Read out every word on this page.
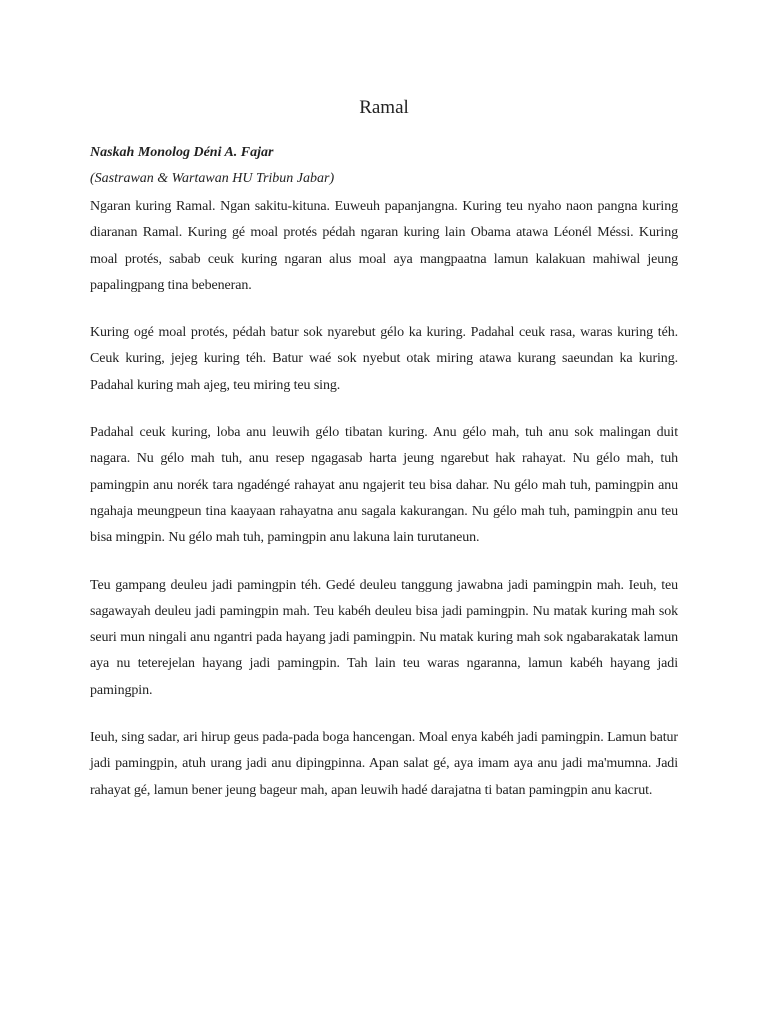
Ramal

Naskah Monolog Déni A. Fajar

(Sastrawan & Wartawan HU Tribun Jabar)

Ngaran kuring Ramal. Ngan sakitu-kituna. Euweuh papanjangna. Kuring teu nyaho naon pangna kuring diaranan Ramal. Kuring gé moal protés pédah ngaran kuring lain Obama atawa Léonél Méssi. Kuring moal protés, sabab ceuk kuring ngaran alus moal aya mangpaatna lamun kalakuan mahiwal jeung papalingpang tina bebeneran.

Kuring ogé moal protés, pédah batur sok nyarebut gélo ka kuring. Padahal ceuk rasa, waras kuring téh. Ceuk kuring, jejeg kuring téh. Batur waé sok nyebut otak miring atawa kurang saeundan ka kuring. Padahal kuring mah ajeg, teu miring teu sing.

Padahal ceuk kuring, loba anu leuwih gélo tibatan kuring. Anu gélo mah, tuh anu sok malingan duit nagara. Nu gélo mah tuh, anu resep ngagasab harta jeung ngarebut hak rahayat. Nu gélo mah, tuh pamingpin anu norék tara ngadéngé rahayat anu ngajerit teu bisa dahar. Nu gélo mah tuh, pamingpin anu ngahaja meungpeun tina kaayaan rahayatna anu sagala kakurangan. Nu gélo mah tuh, pamingpin anu teu bisa mingpin. Nu gélo mah tuh, pamingpin anu lakuna lain turutaneun.

Teu gampang deuleu jadi pamingpin téh. Gedé deuleu tanggung jawabna jadi pamingpin mah. Ieuh, teu sagawayah deuleu jadi pamingpin mah. Teu kabéh deuleu bisa jadi pamingpin. Nu matak kuring mah sok seuri mun ningali anu ngantri pada hayang jadi pamingpin. Nu matak kuring mah sok ngabarakatak lamun aya nu teterejelan hayang jadi pamingpin. Tah lain teu waras ngaranna, lamun kabéh hayang jadi pamingpin.

Ieuh, sing sadar, ari hirup geus pada-pada boga hancengan. Moal enya kabéh jadi pamingpin. Lamun batur jadi pamingpin, atuh urang jadi anu dipingpinna. Apan salat gé, aya imam aya anu jadi ma'mumna. Jadi rahayat gé, lamun bener jeung bageur mah, apan leuwih hadé darajatna ti batan pamingpin anu kacrut.
